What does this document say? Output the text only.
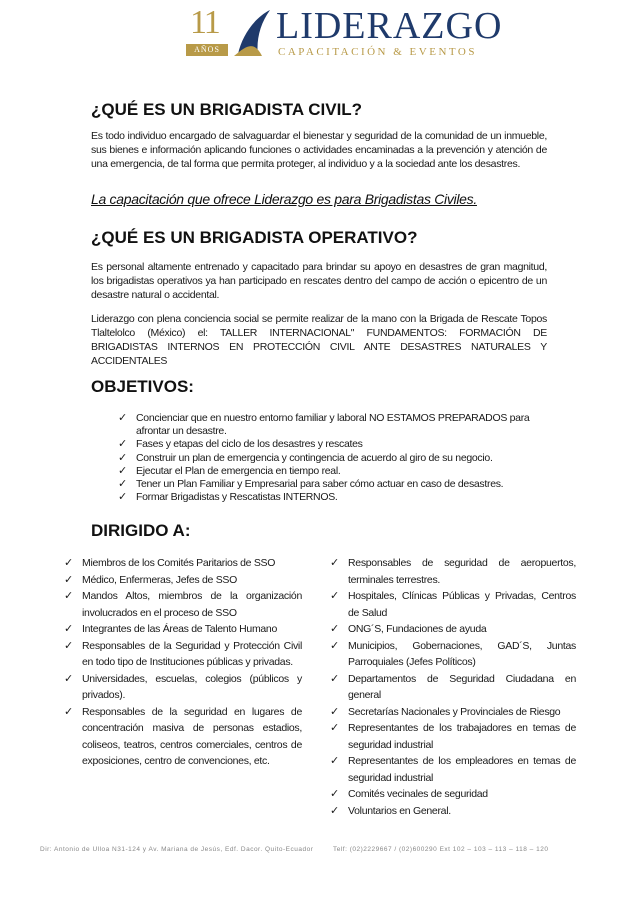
11
AÑOS
LIDERAZGO
CAPACITACIÓN & EVENTOS
¿QUÉ ES UN BRIGADISTA CIVIL?

Es todo individuo encargado de salvaguardar el bienestar y seguridad de la comunidad de un inmueble, sus bienes e información aplicando funciones o actividades encaminadas a la prevención y atención de una emergencia, de tal forma que permita proteger, al individuo y a la sociedad ante los desastres.

La capacitación que ofrece Liderazgo es para Brigadistas Civiles.
¿QUÉ ES UN BRIGADISTA OPERATIVO?

Es personal altamente entrenado y capacitado para brindar su apoyo en desastres de gran magnitud, los brigadistas operativos ya han participado en rescates dentro del campo de acción o epicentro de un desastre natural o accidental.

Liderazgo con plena conciencia social se permite realizar de la mano con la Brigada de Rescate Topos Tlaltelolco (México) el: TALLER INTERNACIONAL" FUNDAMENTOS: FORMACIÓN DE BRIGADISTAS INTERNOS EN PROTECCIÓN CIVIL ANTE DESASTRES NATURALES Y ACCIDENTALES

OBJETIVOS:
✓ Concienciar que en nuestro entorno familiar y laboral NO ESTAMOS PREPARADOS para afrontar un desastre.
✓ Fases y etapas del ciclo de los desastres y rescates
✓ Construir un plan de emergencia y contingencia de acuerdo al giro de su negocio.
✓ Ejecutar el Plan de emergencia en tiempo real.
✓ Tener un Plan Familiar y Empresarial para saber cómo actuar en caso de desastres.
✓ Formar Brigadistas y Rescatistas INTERNOS.
DIRIGIDO A:
✓ Miembros de los Comités Paritarios de SSO
✓ Médico, Enfermeras, Jefes de SSO
✓ Mandos Altos, miembros de la organización involucrados en el proceso de SSO
✓ Integrantes de las Áreas de Talento Humano
✓ Responsables de la Seguridad y Protección Civil en todo tipo de Instituciones públicas y privadas.
✓ Universidades, escuelas, colegios (públicos y privados).
✓ Responsables de la seguridad en lugares de concentración masiva de personas estadios, coliseos, teatros, centros comerciales, centros de exposiciones, centro de convenciones, etc.
✓ Responsables de seguridad de aeropuertos, terminales terrestres.
✓ Hospitales, Clínicas Públicas y Privadas, Centros de Salud
✓ ONG´S, Fundaciones de ayuda
✓ Municipios, Gobernaciones, GAD´S, Juntas Parroquiales (Jefes Políticos)
✓ Departamentos de Seguridad Ciudadana en general
✓ Secretarías Nacionales y Provinciales de Riesgo
✓ Representantes de los trabajadores en temas de seguridad industrial
✓ Representantes de los empleadores en temas de seguridad industrial
✓ Comités vecinales de seguridad
✓ Voluntarios en General.
Dir: Antonio de Ulloa N31-124 y Av. Mariana de Jesús, Edf. Dacor. Quito-Ecuador	Telf: (02)2229667 / (02)600290 Ext 102 – 103 – 113 – 118 – 120
